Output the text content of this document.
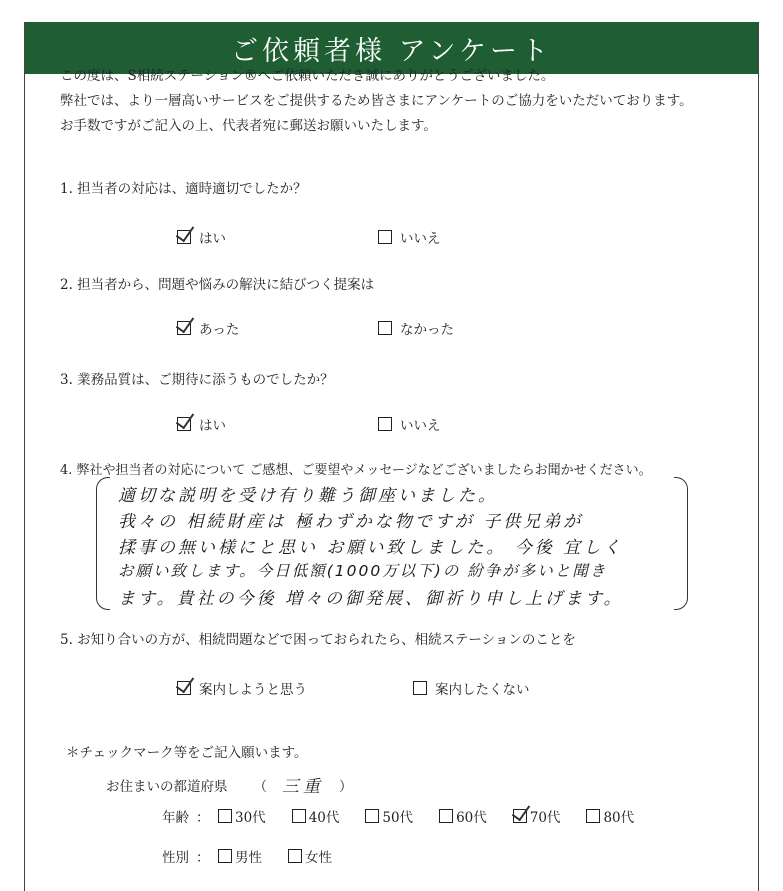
ご依頼者様 アンケート

この度は、S相続ステーション®へご依頼いただき誠にありがとうございました。

弊社では、より一層高いサービスをご提供するため皆さまにアンケートのご協力をいただいております。

お手数ですがご記入の上、代表者宛に郵送お願いいたします。

1. 担当者の対応は、適時適切でしたか？
はい	いいえ
2. 担当者から、問題や悩みの解決に結びつく提案は
あった	なかった
3. 業務品質は、ご期待に添うものでしたか？
はい	いいえ
4. 弊社や担当者の対応について ご感想、ご要望やメッセージなどございましたらお聞かせください。
適切な説明を受け有り難う御座いました。
我々の 相続財産は 極わずかな物ですが 子供兄弟が
揉事の無い様にと思い お願い致しました。 今後 宜しく
お願い致します。今日低額(1000万以下)の 紛争が多いと聞き
ます。貴社の今後 増々の御発展、御祈り申し上げます。
5. お知り合いの方が、相続問題などで困っておられたら、相続ステーションのことを
案内しようと思う	案内したくない
＊チェックマーク等をご記入願います。
お住まいの都道府県 （ 三重	）
年齢 ：	30代	40代	50代	60代	70代	80代
性別 ：	男性	女性
